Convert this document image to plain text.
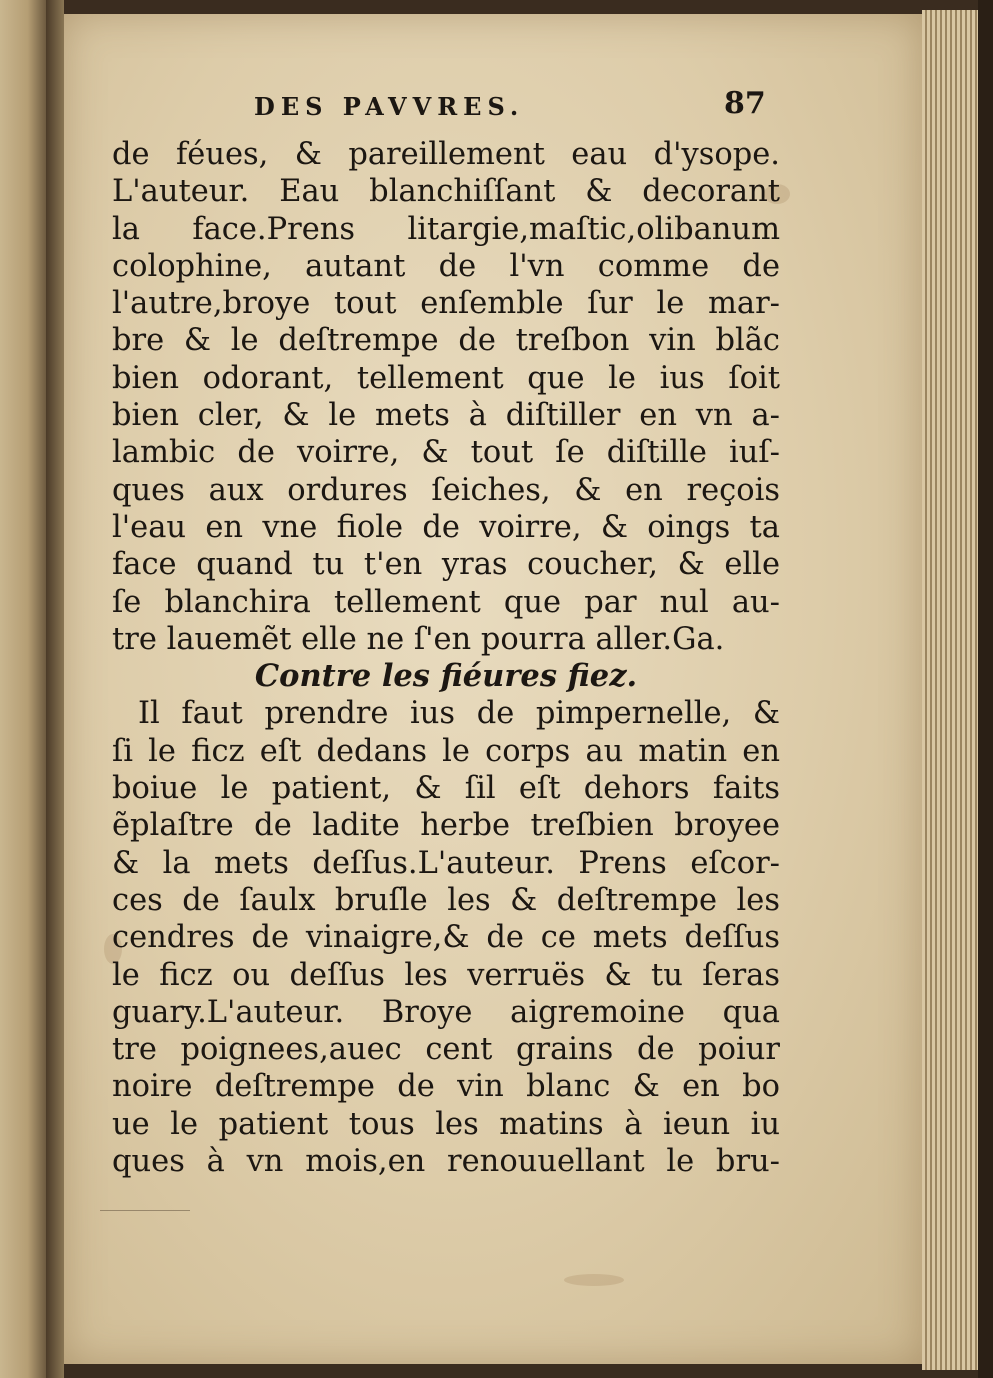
DES PAVVRES.	87
de féues, & pareillement eau d'ysope.
L'auteur. Eau blanchiſſant & decorant
la face.Prens litargie,maſtic,olibanum
colophine, autant de l'vn comme de
l'autre,broye tout enſemble ſur le mar-
bre & le deſtrempe de treſbon vin blãc
bien odorant, tellement que le ius ſoit
bien cler, & le mets à diſtiller en vn a-
lambic de voirre, & tout ſe diſtille iuſ-
ques aux ordures ſeiches, & en reçois
l'eau en vne fiole de voirre, & oings ta
face quand tu t'en yras coucher, & elle
ſe blanchira tellement que par nul au-
tre lauemẽt elle ne ſ'en pourra aller.Ga.
Contre les fiéures fiez.
Il faut prendre ius de pimpernelle, &
ſi le ficz eſt dedans le corps au matin en
boiue le patient, & ſil eſt dehors faits
ẽplaſtre de ladite herbe treſbien broyee
& la mets deſſus.L'auteur. Prens eſcor-
ces de ſaulx bruſle les & deſtrempe les
cendres de vinaigre,& de ce mets deſſus
le ficz ou deſſus les verruës & tu ſeras
guary.L'auteur. Broye aigremoine qua
tre poignees,auec cent grains de poiur
noire deſtrempe de vin blanc & en bo
ue le patient tous les matins à ieun iu
ques à vn mois,en renouuellant le bru-
